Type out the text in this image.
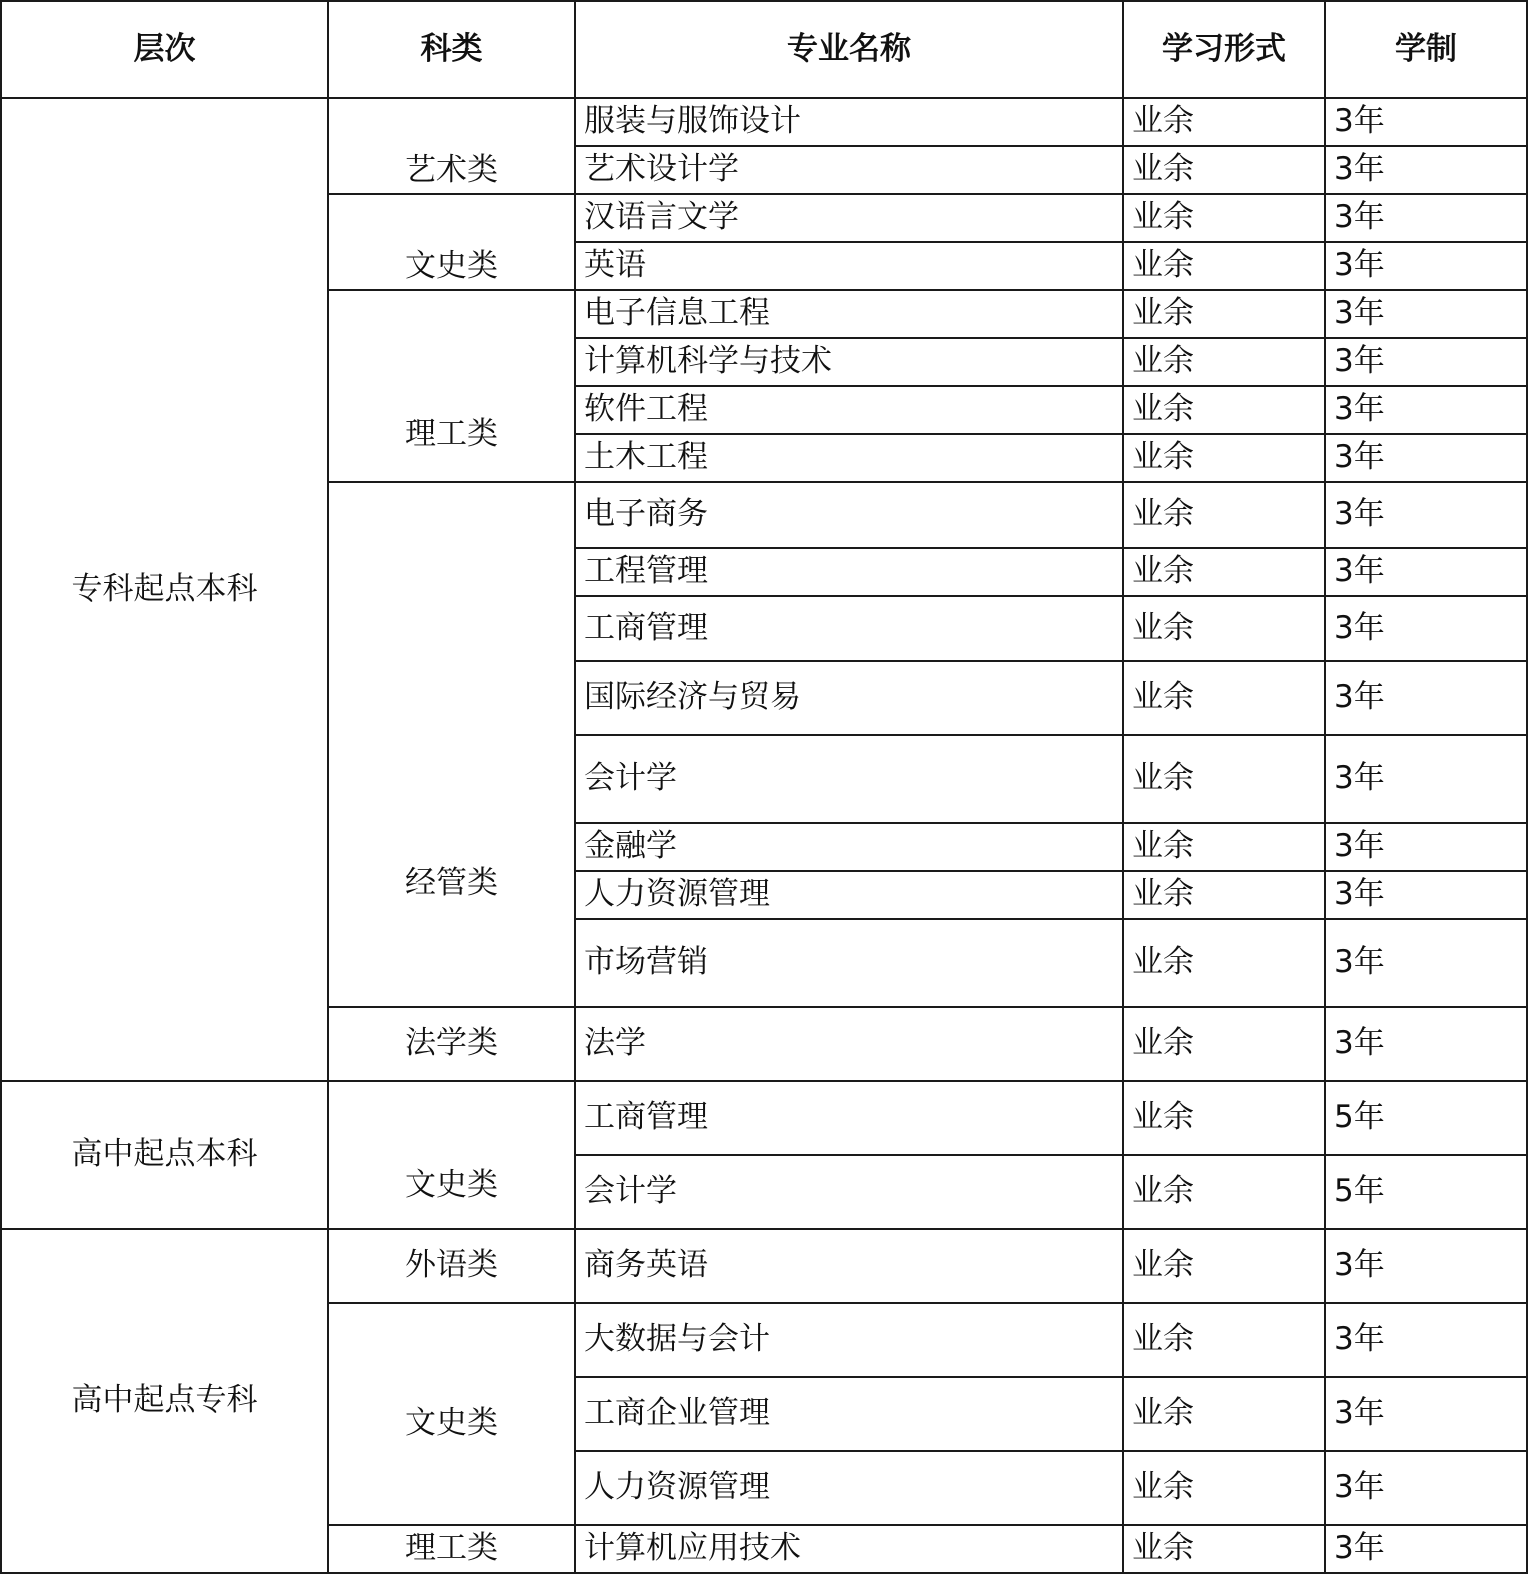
层次	科类	专业名称	学习形式	学制
专科起点本科	艺术类	服装与服饰设计	业余	3年
		艺术设计学	业余	3年
	文史类	汉语言文学	业余	3年
		英语	业余	3年
	理工类	电子信息工程	业余	3年
		计算机科学与技术	业余	3年
		软件工程	业余	3年
		土木工程	业余	3年
	经管类	电子商务	业余	3年
		工程管理	业余	3年
		工商管理	业余	3年
		国际经济与贸易	业余	3年
		会计学	业余	3年
		金融学	业余	3年
		人力资源管理	业余	3年
		市场营销	业余	3年
	法学类	法学	业余	3年
高中起点本科	文史类	工商管理	业余	5年
		会计学	业余	5年
高中起点专科	外语类	商务英语	业余	3年
	文史类	大数据与会计	业余	3年
		工商企业管理	业余	3年
		人力资源管理	业余	3年
	理工类	计算机应用技术	业余	3年
